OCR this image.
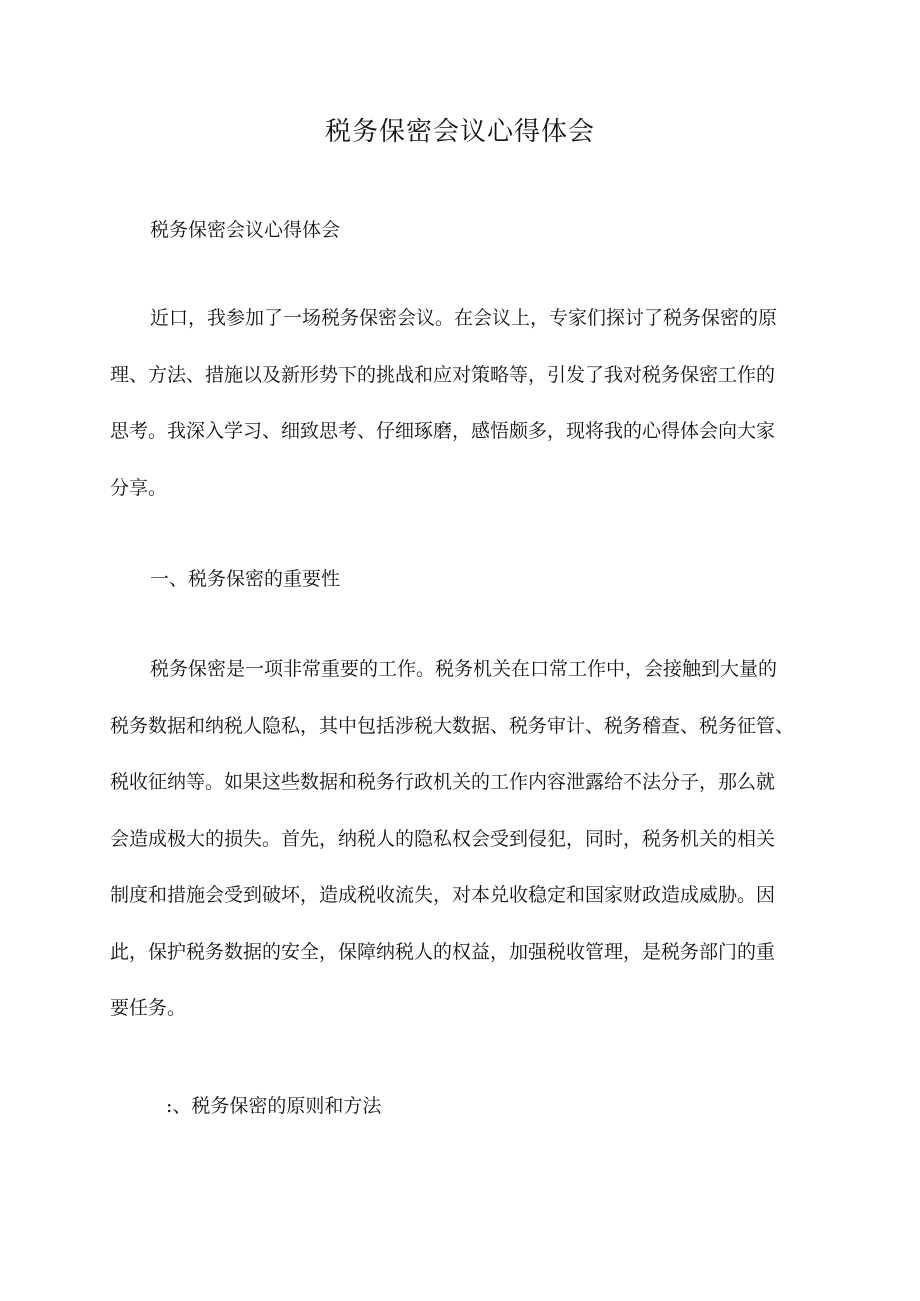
税务保密会议心得体会

税务保密会议心得体会

近口，我参加了一场税务保密会议。在会议上，专家们探讨了税务保密的原
理、方法、措施以及新形势下的挑战和应对策略等，引发了我对税务保密工作的
思考。我深入学习、细致思考、仔细琢磨，感悟颇多，现将我的心得体会向大家
分享。

一、税务保密的重要性

税务保密是一项非常重要的工作。税务机关在口常工作中，会接触到大量的
税务数据和纳税人隐私，其中包括涉税大数据、税务审计、税务稽查、税务征管、
税收征纳等。如果这些数据和税务行政机关的工作内容泄露给不法分子，那么就
会造成极大的损失。首先，纳税人的隐私权会受到侵犯，同时，税务机关的相关
制度和措施会受到破坏，造成税收流失，对本兑收稳定和国家财政造成威胁。因
此，保护税务数据的安全，保障纳税人的权益，加强税收管理，是税务部门的重
要任务。

:、税务保密的原则和方法
